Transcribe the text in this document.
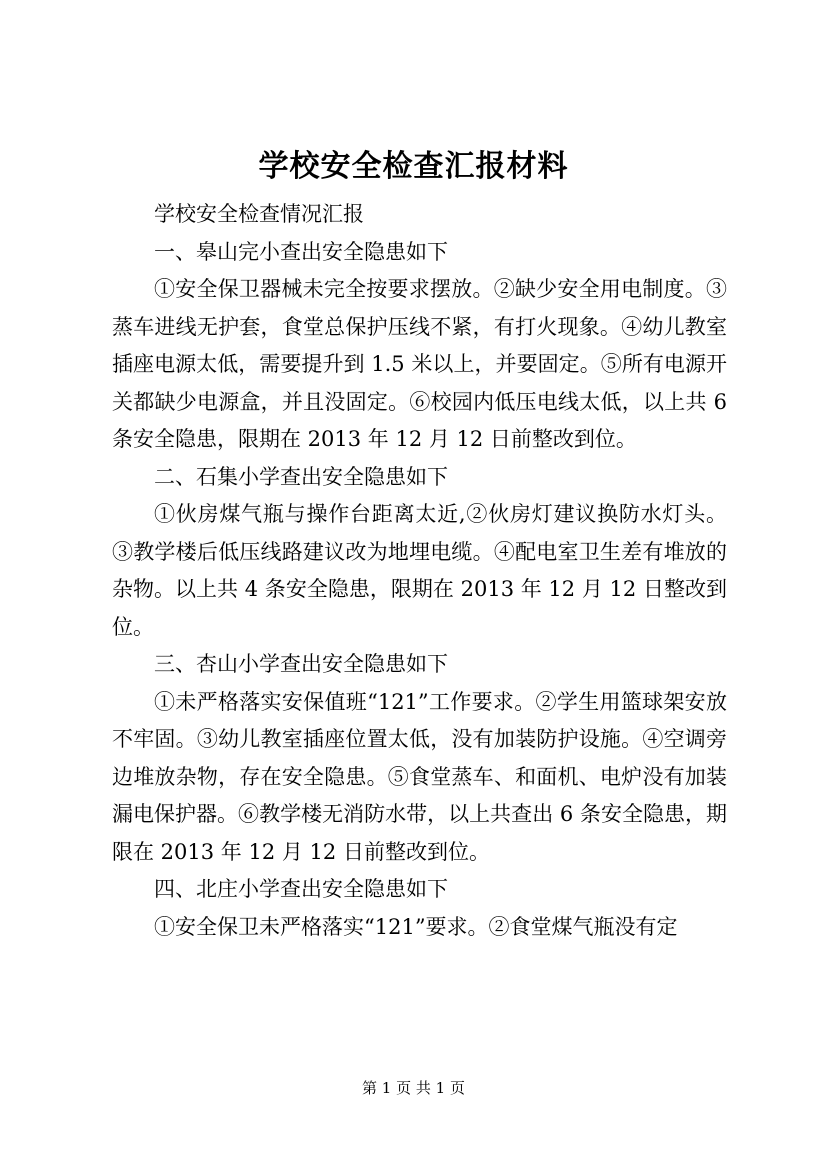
学校安全检查汇报材料

学校安全检查情况汇报

一、皋山完小查出安全隐患如下

①安全保卫器械未完全按要求摆放。②缺少安全用电制度。③蒸车进线无护套，食堂总保护压线不紧，有打火现象。④幼儿教室插座电源太低，需要提升到 1.5 米以上，并要固定。⑤所有电源开关都缺少电源盒，并且没固定。⑥校园内低压电线太低，以上共 6 条安全隐患，限期在 2013 年 12 月 12 日前整改到位。

二、石集小学查出安全隐患如下

①伙房煤气瓶与操作台距离太近,②伙房灯建议换防水灯头。③教学楼后低压线路建议改为地埋电缆。④配电室卫生差有堆放的杂物。以上共 4 条安全隐患，限期在 2013 年 12 月 12 日整改到位。

三、杏山小学查出安全隐患如下

①未严格落实安保值班“121”工作要求。②学生用篮球架安放不牢固。③幼儿教室插座位置太低，没有加装防护设施。④空调旁边堆放杂物，存在安全隐患。⑤食堂蒸车、和面机、电炉没有加装漏电保护器。⑥教学楼无消防水带，以上共查出 6 条安全隐患，期限在 2013 年 12 月 12 日前整改到位。

四、北庄小学查出安全隐患如下

①安全保卫未严格落实“121”要求。②食堂煤气瓶没有定

第 1 页 共 1 页
